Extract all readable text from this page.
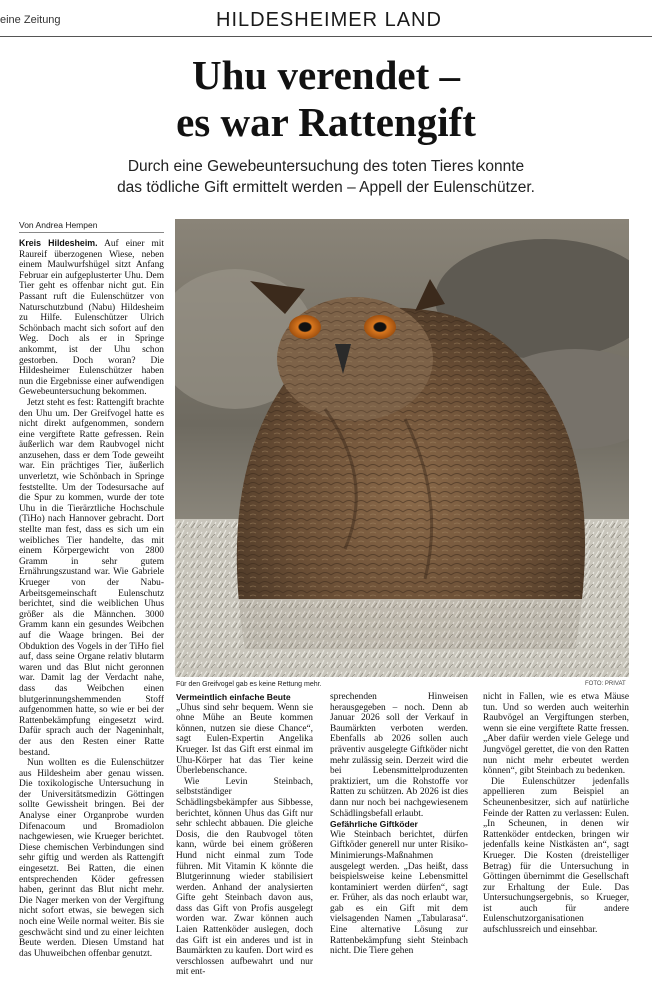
eine Zeitung	HILDESHEIMER LAND
Uhu verendet –
es war Rattengift
Durch eine Gewebeuntersuchung des toten Tieres konnte
das tödliche Gift ermittelt werden – Appell der Eulenschützer.
Von Andrea Hempen

Kreis Hildesheim. Auf einer mit Raureif überzogenen Wiese, neben einem Maulwurfshügel sitzt Anfang Februar ein aufgeplusterter Uhu. Dem Tier geht es offenbar nicht gut. Ein Passant ruft die Eulenschützer von Naturschutzbund (Nabu) Hildesheim zu Hilfe. Eulenschützer Ulrich Schönbach macht sich sofort auf den Weg. Doch als er in Springe ankommt, ist der Uhu schon gestorben. Doch woran? Die Hildesheimer Eulenschützer haben nun die Ergebnisse einer aufwendigen Gewebeuntersuchung bekommen.

Jetzt steht es fest: Rattengift brachte den Uhu um. Der Greifvogel hatte es nicht direkt aufgenommen, sondern eine vergiftete Ratte gefressen. Rein äußerlich war dem Raubvogel nicht anzusehen, dass er dem Tode geweiht war. Ein prächtiges Tier, äußerlich unverletzt, wie Schönbach in Springe feststellte. Um der Todesursache auf die Spur zu kommen, wurde der tote Uhu in die Tierärztliche Hochschule (TiHo) nach Hannover gebracht. Dort stellte man fest, dass es sich um ein weibliches Tier handelte, das mit einem Körpergewicht von 2800 Gramm in sehr gutem Ernährungszustand war. Wie Gabriele Krueger von der Nabu-Arbeitsgemeinschaft Eulenschutz berichtet, sind die weiblichen Uhus größer als die Männchen. 3000 Gramm kann ein gesundes Weibchen auf die Waage bringen. Bei der Obduktion des Vogels in der TiHo fiel auf, dass seine Organe relativ blutarm waren und das Blut nicht geronnen war. Damit lag der Verdacht nahe, dass das Weibchen einen blutgerinnungshemmenden Stoff aufgenommen hatte, so wie er bei der Rattenbekämpfung eingesetzt wird. Dafür sprach auch der Nageninhalt, der aus den Resten einer Ratte bestand.

Nun wollten es die Eulenschützer aus Hildesheim aber genau wissen. Die toxikologische Untersuchung in der Universitätsmedizin Göttingen sollte Gewissheit bringen. Bei der Analyse einer Organprobe wurden Difenacoum und Bromadiolon nachgewiesen, wie Krueger berichtet. Diese chemischen Verbindungen sind sehr giftig und werden als Rattengift eingesetzt. Bei Ratten, die einen entsprechenden Köder gefressen haben, gerinnt das Blut nicht mehr. Die Nager merken von der Vergiftung nicht sofort etwas, sie bewegen sich noch eine Weile normal weiter. Bis sie geschwächt sind und zu einer leichten Beute werden. Diesen Umstand hat das Uhuweibchen offenbar genutzt.

Für den Greifvogel gab es keine Rettung mehr.	FOTO: PRIVAT

Vermeintlich einfache Beute

„Uhus sind sehr bequem. Wenn sie ohne Mühe an Beute kommen können, nutzen sie diese Chance“, sagt Eulen-Expertin Angelika Krueger. Ist das Gift erst einmal im Uhu-Körper hat das Tier keine Überlebenschance.

Wie Levin Steinbach, selbstständiger Schädlingsbekämpfer aus Sibbesse, berichtet, können Uhus das Gift nur sehr schlecht abbauen. Die gleiche Dosis, die den Raubvogel töten kann, würde bei einem größeren Hund nicht einmal zum Tode führen. Mit Vitamin K könnte die Blutgerinnung wieder stabilisiert werden. Anhand der analysierten Gifte geht Steinbach davon aus, dass das Gift von Profis ausgelegt worden war. Zwar können auch Laien Rattenköder auslegen, doch das Gift ist ein anderes und ist in Baumärkten zu kaufen. Dort wird es verschlossen aufbewahrt und nur mit ent-

sprechenden Hinweisen herausgegeben – noch. Denn ab Januar 2026 soll der Verkauf in Baumärkten verboten werden. Ebenfalls ab 2026 sollen auch präventiv ausgelegte Giftköder nicht mehr zulässig sein. Derzeit wird die bei Lebensmittelproduzenten praktiziert, um die Rohstoffe vor Ratten zu schützen. Ab 2026 ist dies dann nur noch bei nachgewiesenem Schädlingsbefall erlaubt.

Gefährliche Giftköder

Wie Steinbach berichtet, dürfen Giftköder generell nur unter Risiko-Minimierungs-Maßnahmen ausgelegt werden. „Das heißt, dass beispielsweise keine Lebensmittel kontaminiert werden dürfen“, sagt er. Früher, als das noch erlaubt war, gab es ein Gift mit dem vielsagenden Namen „Tabularasa“. Eine alternative Lösung zur Rattenbekämpfung sieht Steinbach nicht. Die Tiere gehen

nicht in Fallen, wie es etwa Mäuse tun. Und so werden auch weiterhin Raubvögel an Vergiftungen sterben, wenn sie eine vergiftete Ratte fressen. „Aber dafür werden viele Gelege und Jungvögel gerettet, die von den Ratten nun nicht mehr erbeutet werden können“, gibt Steinbach zu bedenken.

Die Eulenschützer jedenfalls appellieren zum Beispiel an Scheunenbesitzer, sich auf natürliche Feinde der Ratten zu verlassen: Eulen. „In Scheunen, in denen wir Rattenköder entdecken, bringen wir jedenfalls keine Nistkästen an“, sagt Krueger. Die Kosten (dreistelliger Betrag) für die Untersuchung in Göttingen übernimmt die Gesellschaft zur Erhaltung der Eule. Das Untersuchungsergebnis, so Krueger, ist auch für andere Eulenschutzorganisationen aufschlussreich und einsehbar.
